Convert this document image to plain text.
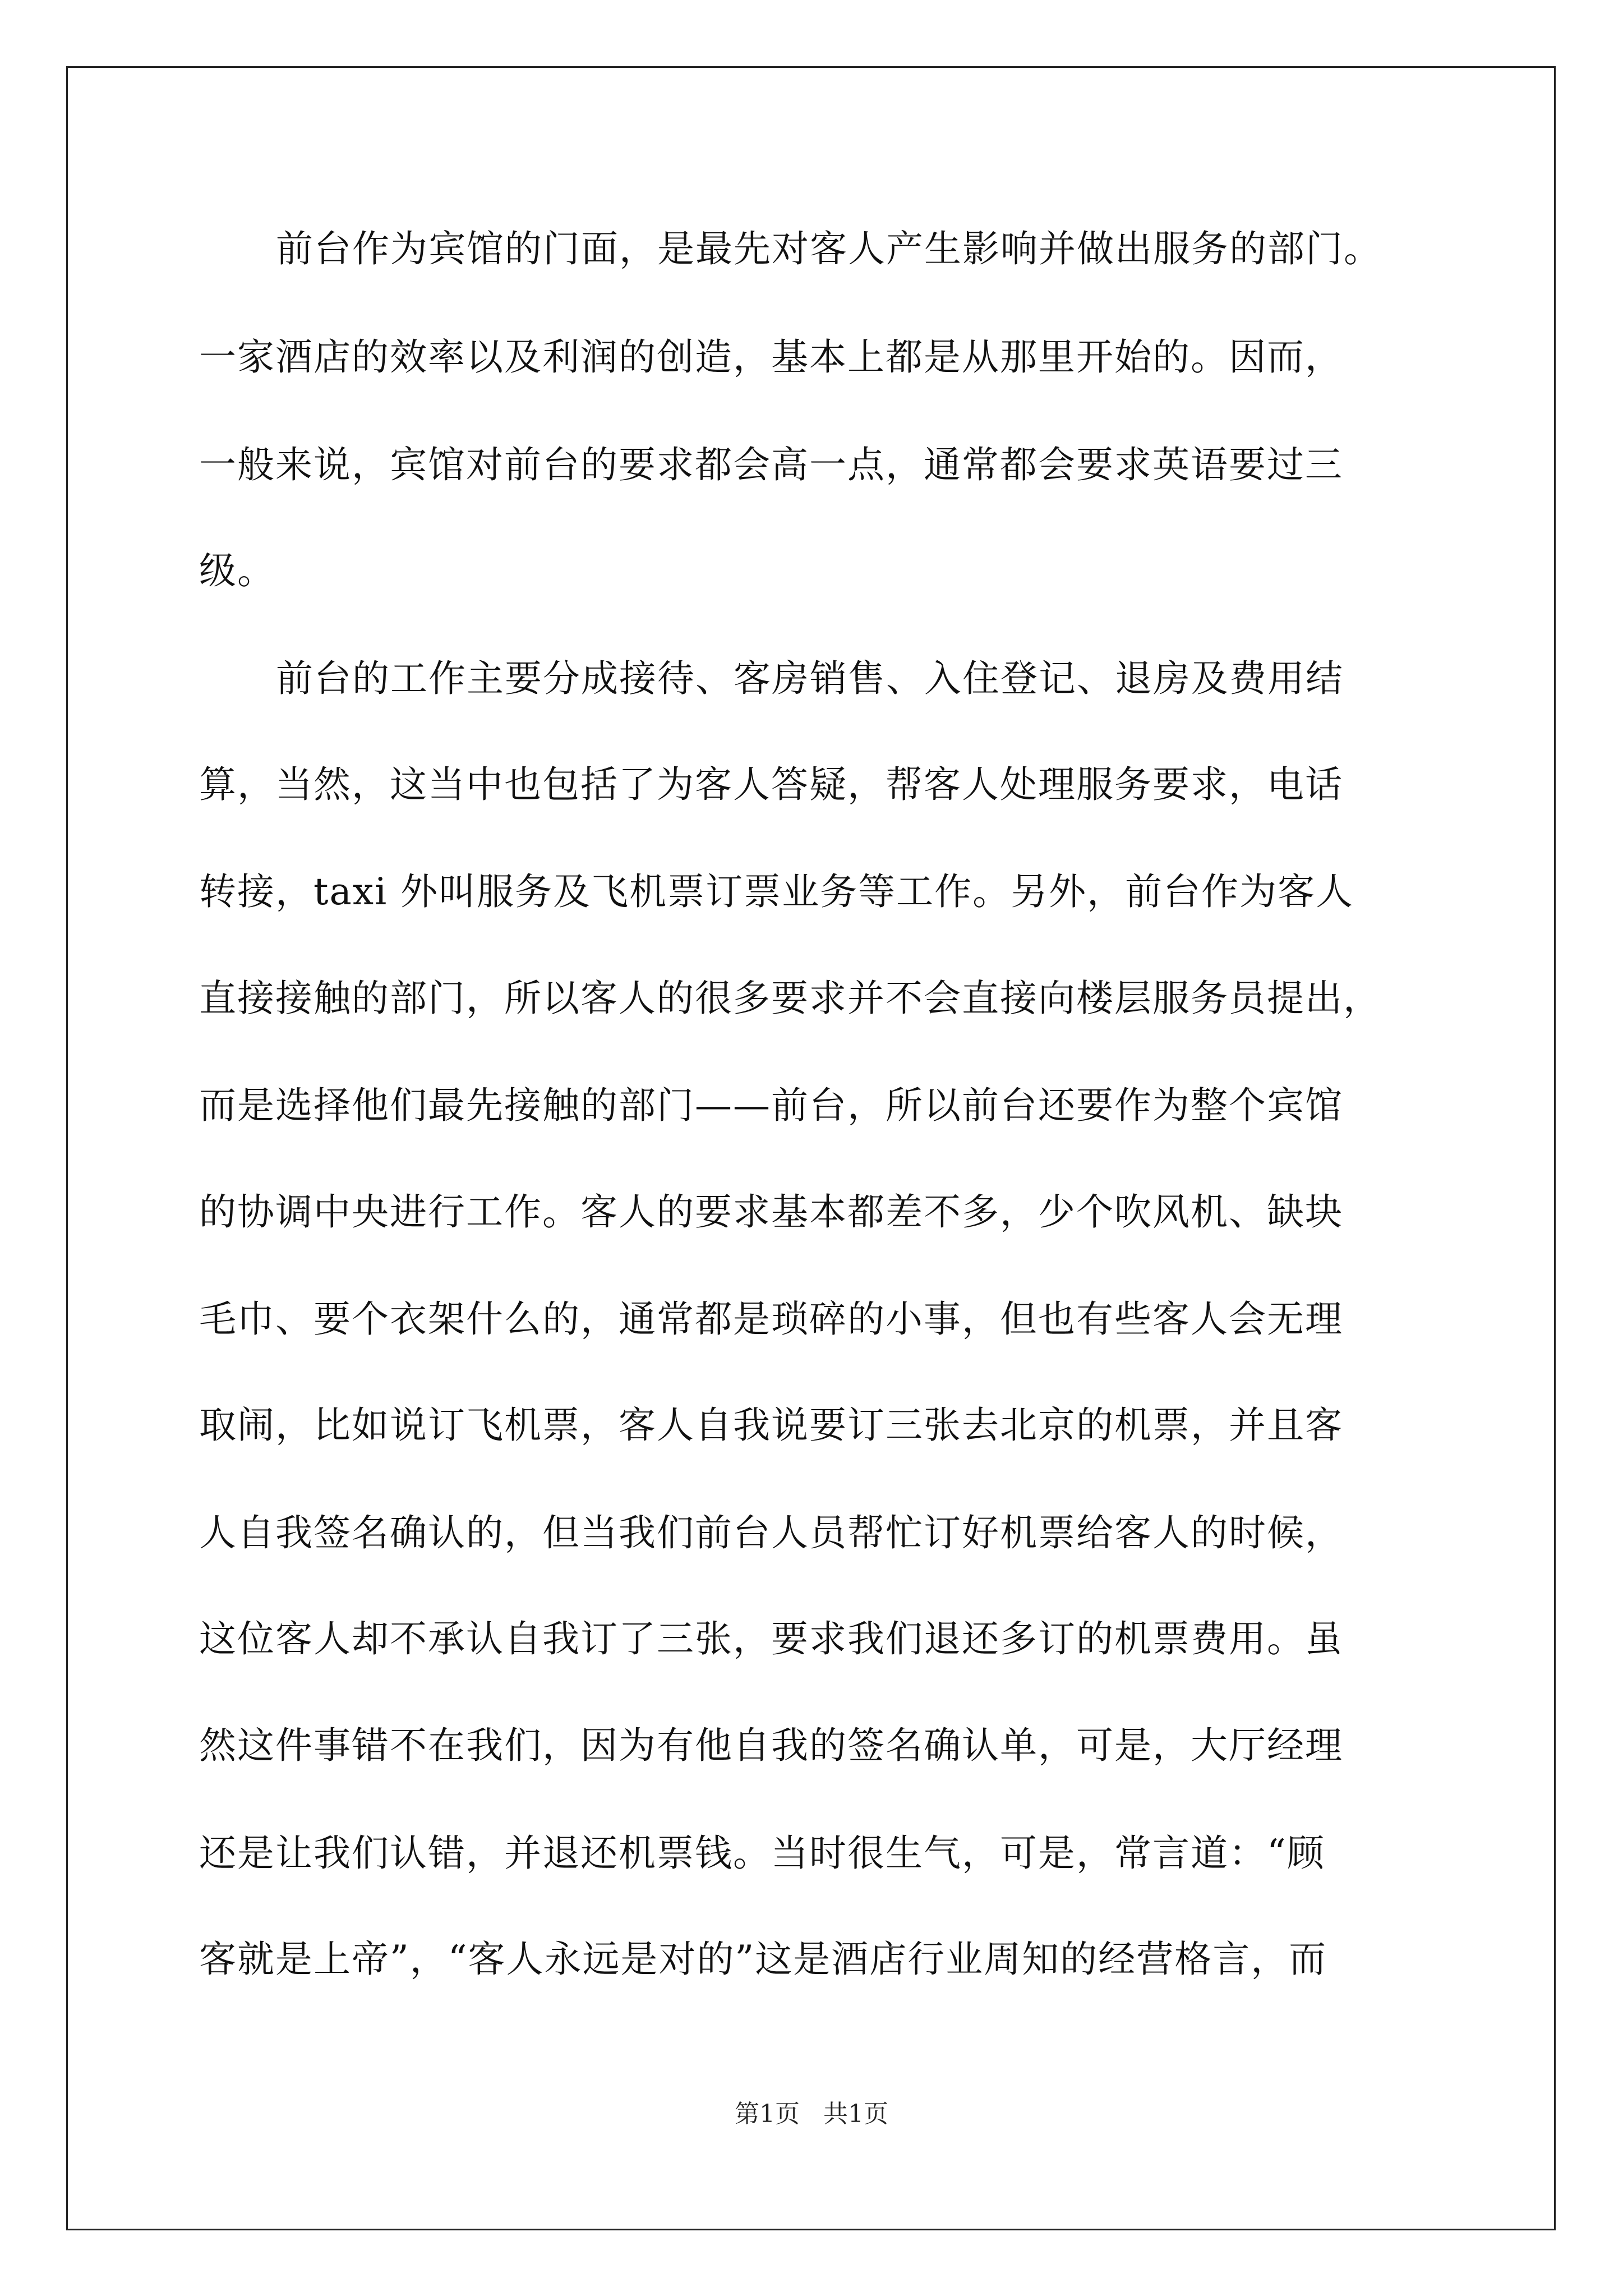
前台作为宾馆的门面，是最先对客人产生影响并做出服务的部门。
一家酒店的效率以及利润的创造，基本上都是从那里开始的。因而，
一般来说，宾馆对前台的要求都会高一点，通常都会要求英语要过三
级。
前台的工作主要分成接待、客房销售、入住登记、退房及费用结
算，当然，这当中也包括了为客人答疑，帮客人处理服务要求，电话
转接，taxi 外叫服务及飞机票订票业务等工作。另外，前台作为客人
直接接触的部门，所以客人的很多要求并不会直接向楼层服务员提出，
而是选择他们最先接触的部门——前台，所以前台还要作为整个宾馆
的协调中央进行工作。客人的要求基本都差不多，少个吹风机、缺块
毛巾、要个衣架什么的，通常都是琐碎的小事，但也有些客人会无理
取闹，比如说订飞机票，客人自我说要订三张去北京的机票，并且客
人自我签名确认的，但当我们前台人员帮忙订好机票给客人的时候，
这位客人却不承认自我订了三张，要求我们退还多订的机票费用。虽
然这件事错不在我们，因为有他自我的签名确认单，可是，大厅经理
还是让我们认错，并退还机票钱。当时很生气，可是，常言道：“顾
客就是上帝”，“客人永远是对的”这是酒店行业周知的经营格言，而
第1页   共1页
